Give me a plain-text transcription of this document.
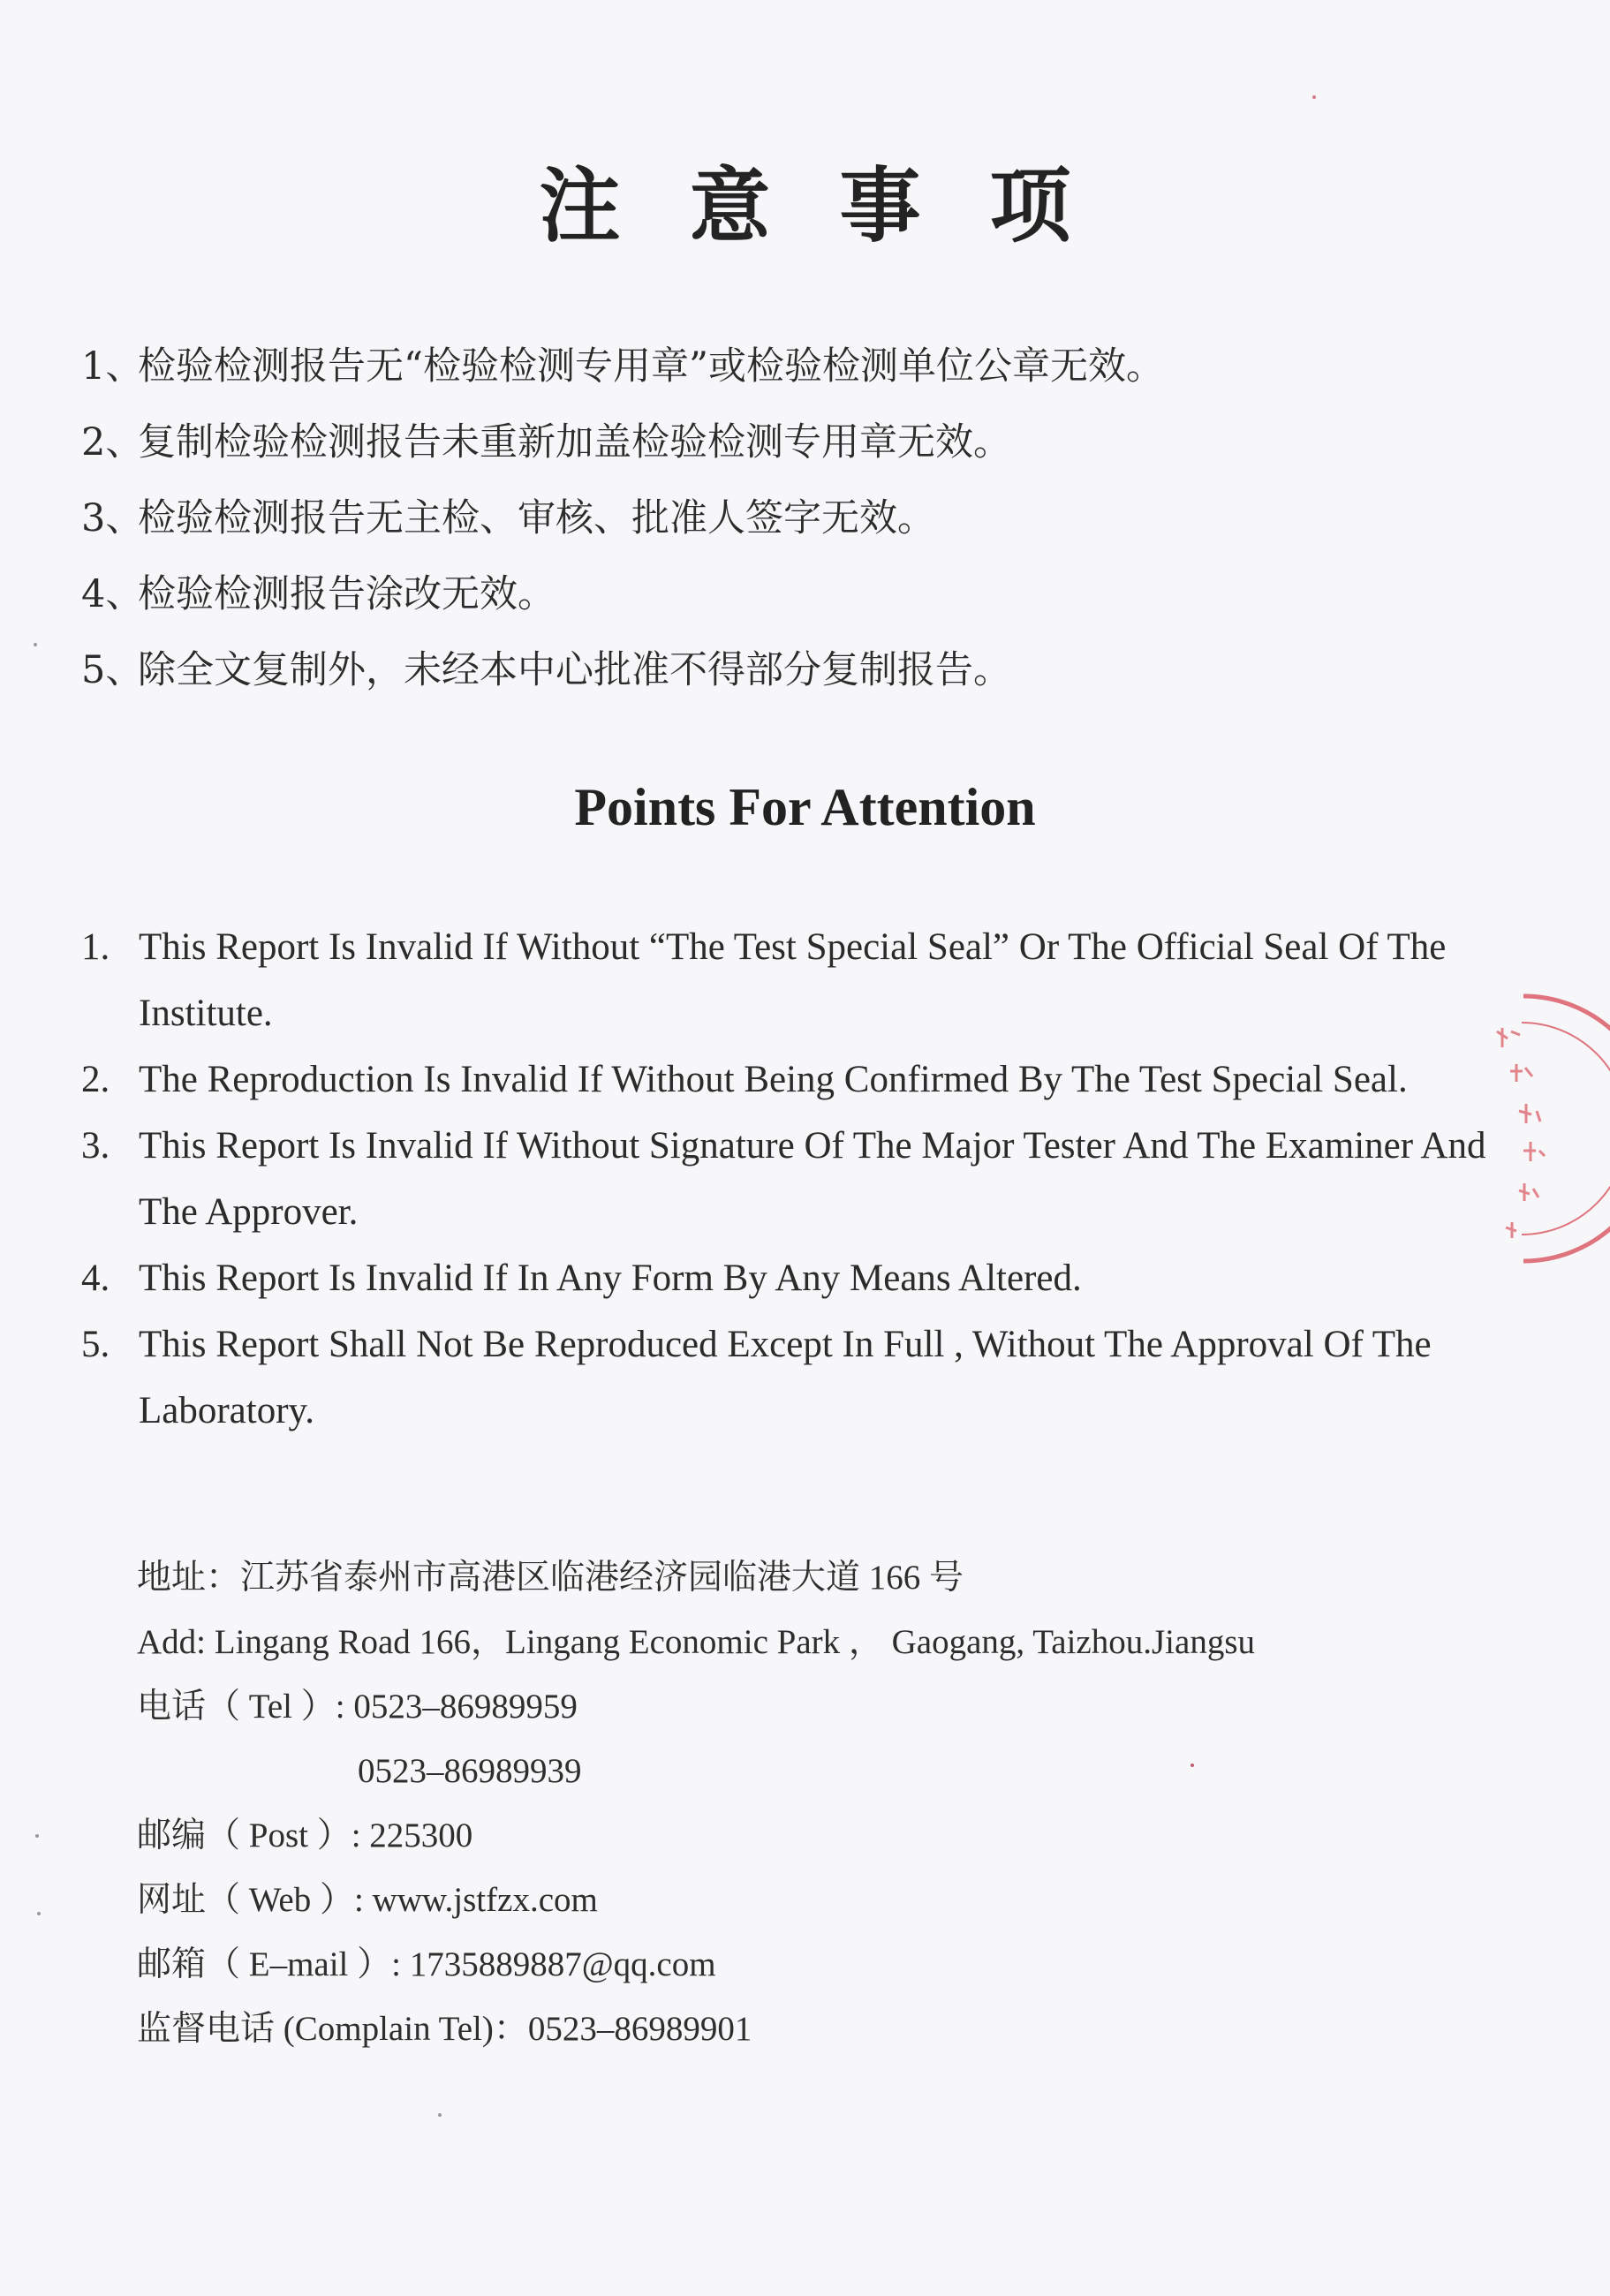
注意事项
1、检验检测报告无“检验检测专用章”或检验检测单位公章无效。
2、复制检验检测报告未重新加盖检验检测专用章无效。
3、检验检测报告无主检、审核、批准人签字无效。
4、检验检测报告涂改无效。
5、除全文复制外，未经本中心批准不得部分复制报告。
Points For Attention
1. This Report Is Invalid If Without “The Test Special Seal” Or The Official Seal Of The Institute.
2. The Reproduction Is Invalid If Without Being Confirmed By The Test Special Seal.
3. This Report Is Invalid If Without Signature Of The Major Tester And The Examiner And The Approver.
4. This Report Is Invalid If In Any Form By Any Means Altered.
5. This Report Shall Not Be Reproduced Except In Full , Without The Approval Of The Laboratory.
地址：江苏省泰州市高港区临港经济园临港大道 166 号
Add: Lingang Road 166，Lingang Economic Park ， Gaogang, Taizhou.Jiangsu
电话（ Tel ）: 0523–86989959
0523–86989939
邮编（ Post ）: 225300
网址（ Web ）: www.jstfzx.com
邮箱（ E–mail ）: 1735889887@qq.com
监督电话 (Complain Tel)：0523–86989901
